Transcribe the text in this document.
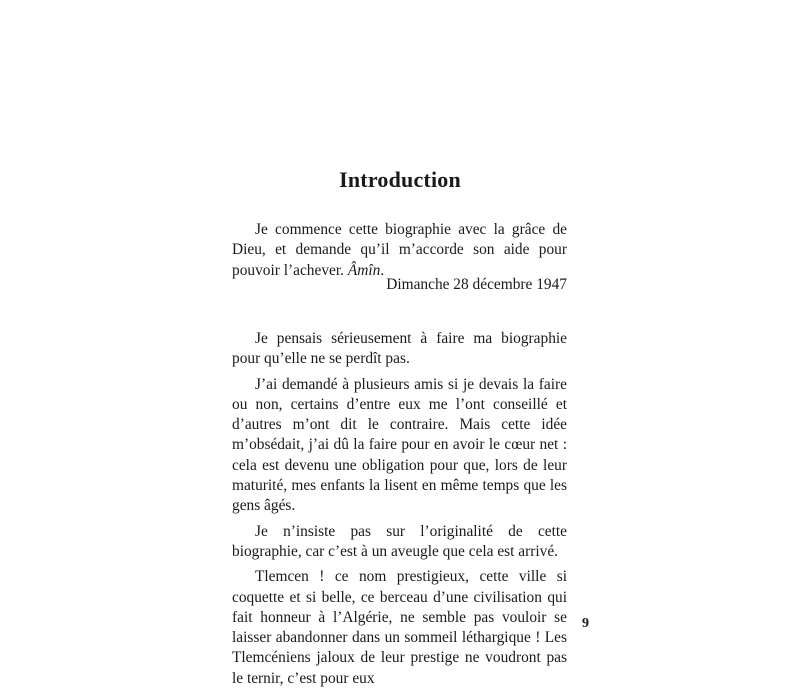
Introduction

Je commence cette biographie avec la grâce de Dieu, et demande qu’il m’accorde son aide pour pouvoir l’achever. Âmîn.

Dimanche 28 décembre 1947

Je pensais sérieusement à faire ma biographie pour qu’elle ne se perdît pas.

J’ai demandé à plusieurs amis si je devais la faire ou non, certains d’entre eux me l’ont conseillé et d’autres m’ont dit le contraire. Mais cette idée m’obsédait, j’ai dû la faire pour en avoir le cœur net : cela est devenu une obligation pour que, lors de leur maturité, mes enfants la lisent en même temps que les gens âgés.

Je n’insiste pas sur l’originalité de cette biographie, car c’est à un aveugle que cela est arrivé.

Tlemcen ! ce nom prestigieux, cette ville si coquette et si belle, ce berceau d’une civilisation qui fait honneur à l’Algérie, ne semble pas vouloir se laisser abandonner dans un sommeil léthargique ! Les Tlemcéniens jaloux de leur prestige ne voudront pas le ternir, c’est pour eux

9
